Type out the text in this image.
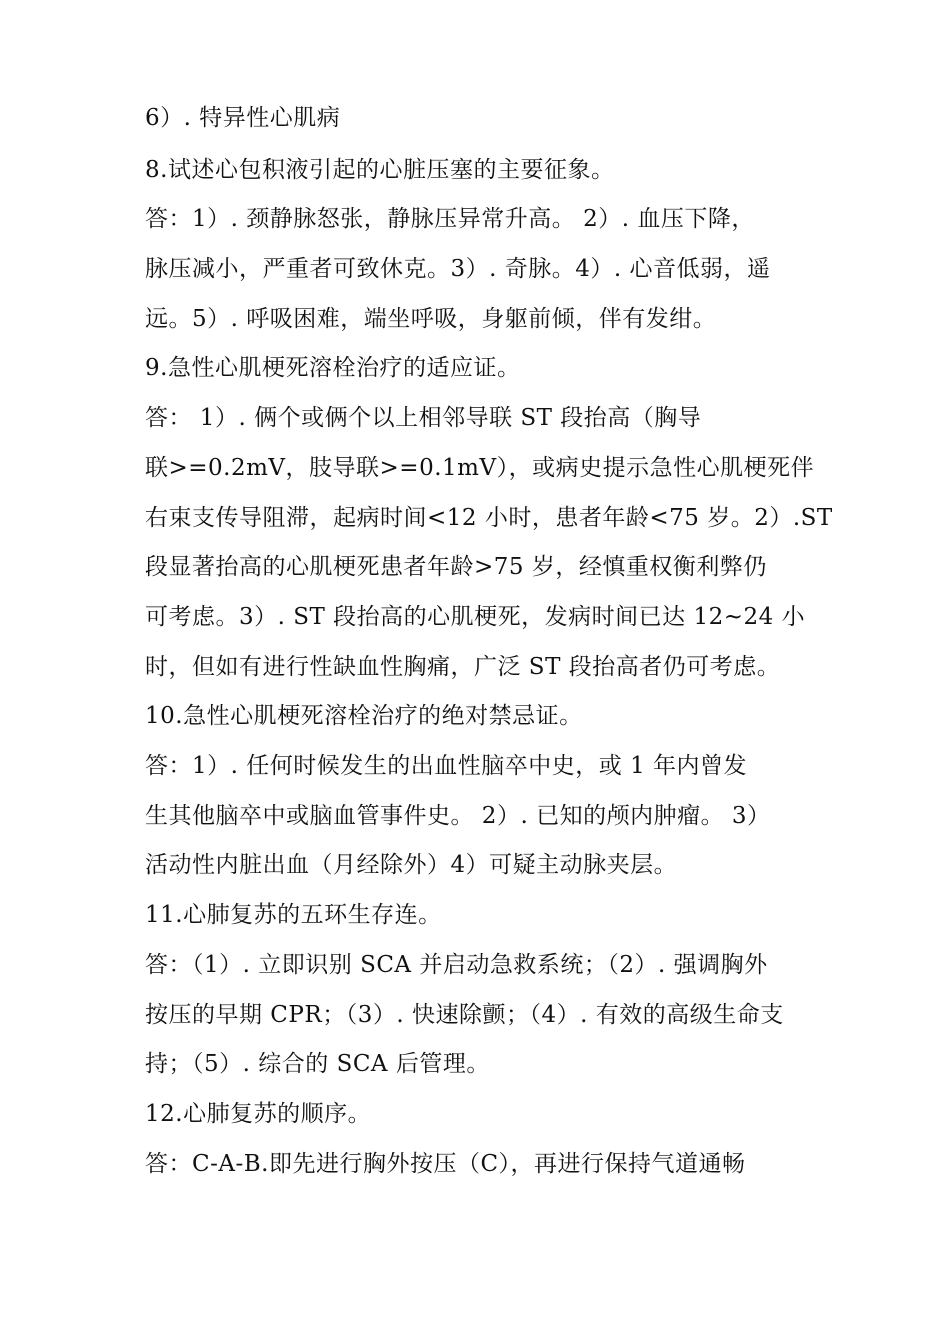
6）. 特异性心肌病
8.试述心包积液引起的心脏压塞的主要征象。
答：1）. 颈静脉怒张，静脉压异常升高。 2）. 血压下降，
脉压减小，严重者可致休克。3）. 奇脉。4）. 心音低弱，遥
远。5）. 呼吸困难，端坐呼吸，身躯前倾，伴有发绀。
9.急性心肌梗死溶栓治疗的适应证。
答： 1）. 俩个或俩个以上相邻导联 ST 段抬高（胸导
联>=0.2mV，肢导联>=0.1mV），或病史提示急性心肌梗死伴
右束支传导阻滞，起病时间<12 小时，患者年龄<75 岁。2）.ST
段显著抬高的心肌梗死患者年龄>75 岁，经慎重权衡利弊仍
可考虑。3）. ST 段抬高的心肌梗死，发病时间已达 12~24 小
时，但如有进行性缺血性胸痛，广泛 ST 段抬高者仍可考虑。
10.急性心肌梗死溶栓治疗的绝对禁忌证。
答：1）. 任何时候发生的出血性脑卒中史，或 1 年内曾发
生其他脑卒中或脑血管事件史。 2）. 已知的颅内肿瘤。 3）
活动性内脏出血（月经除外）4）可疑主动脉夹层。
11.心肺复苏的五环生存连。
答：（1）. 立即识别 SCA 并启动急救系统；（2）. 强调胸外
按压的早期 CPR；（3）. 快速除颤；（4）. 有效的高级生命支
持；（5）. 综合的 SCA 后管理。
12.心肺复苏的顺序。
答：C-A-B.即先进行胸外按压（C），再进行保持气道通畅
